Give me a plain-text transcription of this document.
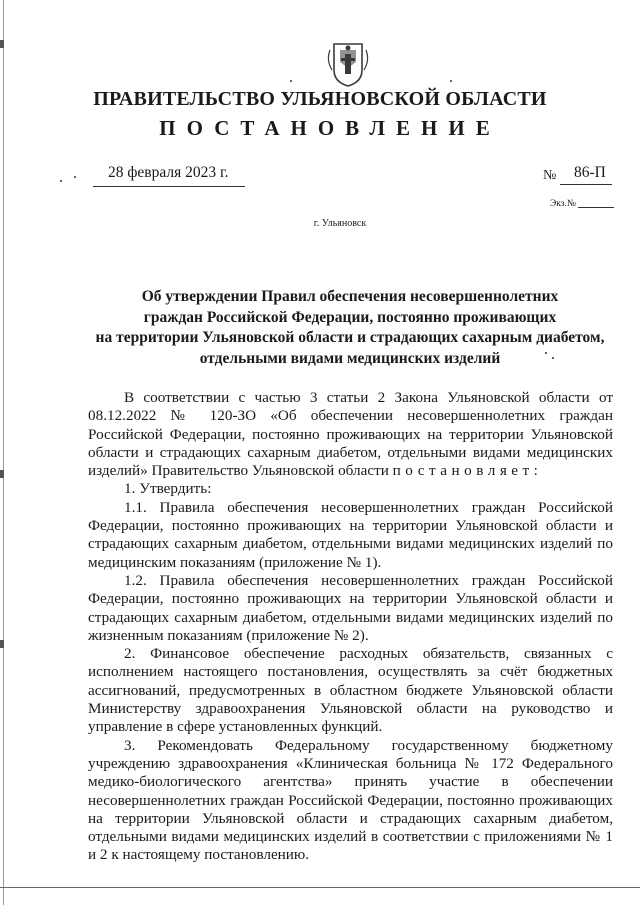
ПРАВИТЕЛЬСТВО УЛЬЯНОВСКОЙ ОБЛАСТИ
ПОСТАНОВЛЕНИЕ
28 февраля 2023 г.	№ 86-П
Экз.№
г. Ульяновск
Об утверждении Правил обеспечения несовершеннолетних
граждан Российской Федерации, постоянно проживающих
на территории Ульяновской области и страдающих сахарным диабетом,
отдельными видами медицинских изделий

В соответствии с частью 3 статьи 2 Закона Ульяновской области от 08.12.2022 № 120-ЗО «Об обеспечении несовершеннолетних граждан Российской Федерации, постоянно проживающих на территории Ульяновской области и страдающих сахарным диабетом, отдельными видами медицинских изделий» Правительство Ульяновской области постановляет:

1. Утвердить:

1.1. Правила обеспечения несовершеннолетних граждан Российской Федерации, постоянно проживающих на территории Ульяновской области и страдающих сахарным диабетом, отдельными видами медицинских изделий по медицинским показаниям (приложение № 1).

1.2. Правила обеспечения несовершеннолетних граждан Российской Федерации, постоянно проживающих на территории Ульяновской области и страдающих сахарным диабетом, отдельными видами медицинских изделий по жизненным показаниям (приложение № 2).

2. Финансовое обеспечение расходных обязательств, связанных с исполнением настоящего постановления, осуществлять за счёт бюджетных ассигнований, предусмотренных в областном бюджете Ульяновской области Министерству здравоохранения Ульяновской области на руководство и управление в сфере установленных функций.

3. Рекомендовать Федеральному государственному бюджетному учреждению здравоохранения «Клиническая больница № 172 Федерального медико-биологического агентства» принять участие в обеспечении несовершеннолетних граждан Российской Федерации, постоянно проживающих на территории Ульяновской области и страдающих сахарным диабетом, отдельными видами медицинских изделий в соответствии с приложениями № 1 и 2 к настоящему постановлению.
